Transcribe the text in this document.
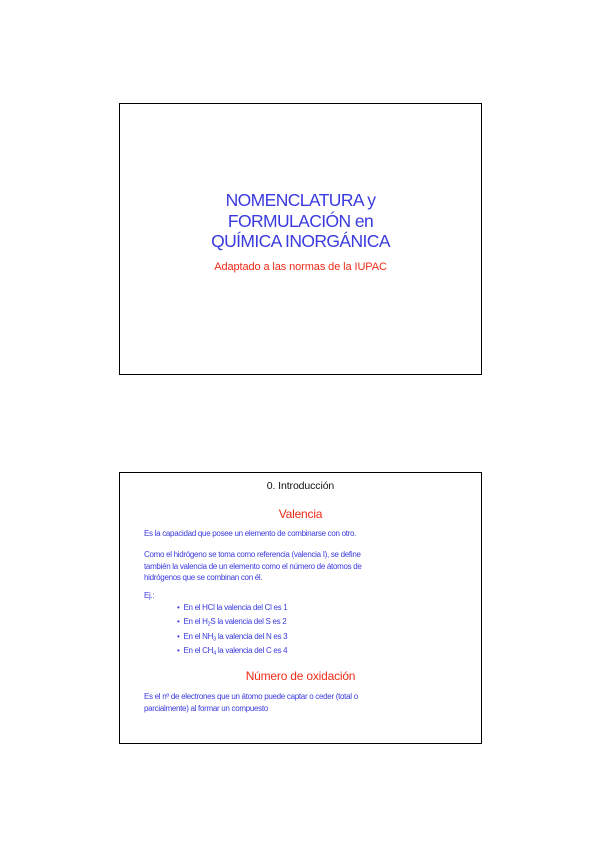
NOMENCLATURA y
FORMULACIÓN en
QUÍMICA INORGÁNICA
Adaptado a las normas de la IUPAC
0. Introducción
Valencia
Es la capacidad que posee un elemento de combinarse con otro.
Como el hidrógeno se toma como referencia (valencia I), se define
también la valencia de un elemento como el número de átomos de
hidrógenos que se combinan con él.
Ej.:
• En el HCl la valencia del Cl es 1
• En el $H_2S$ la valencia del S es 2
• En el $NH_3$ la valencia del N es 3
• En el $CH_4$ la valencia del C es 4
Número de oxidación
Es el nº de electrones que un átomo puede captar o ceder (total o
parcialmente) al formar un compuesto
